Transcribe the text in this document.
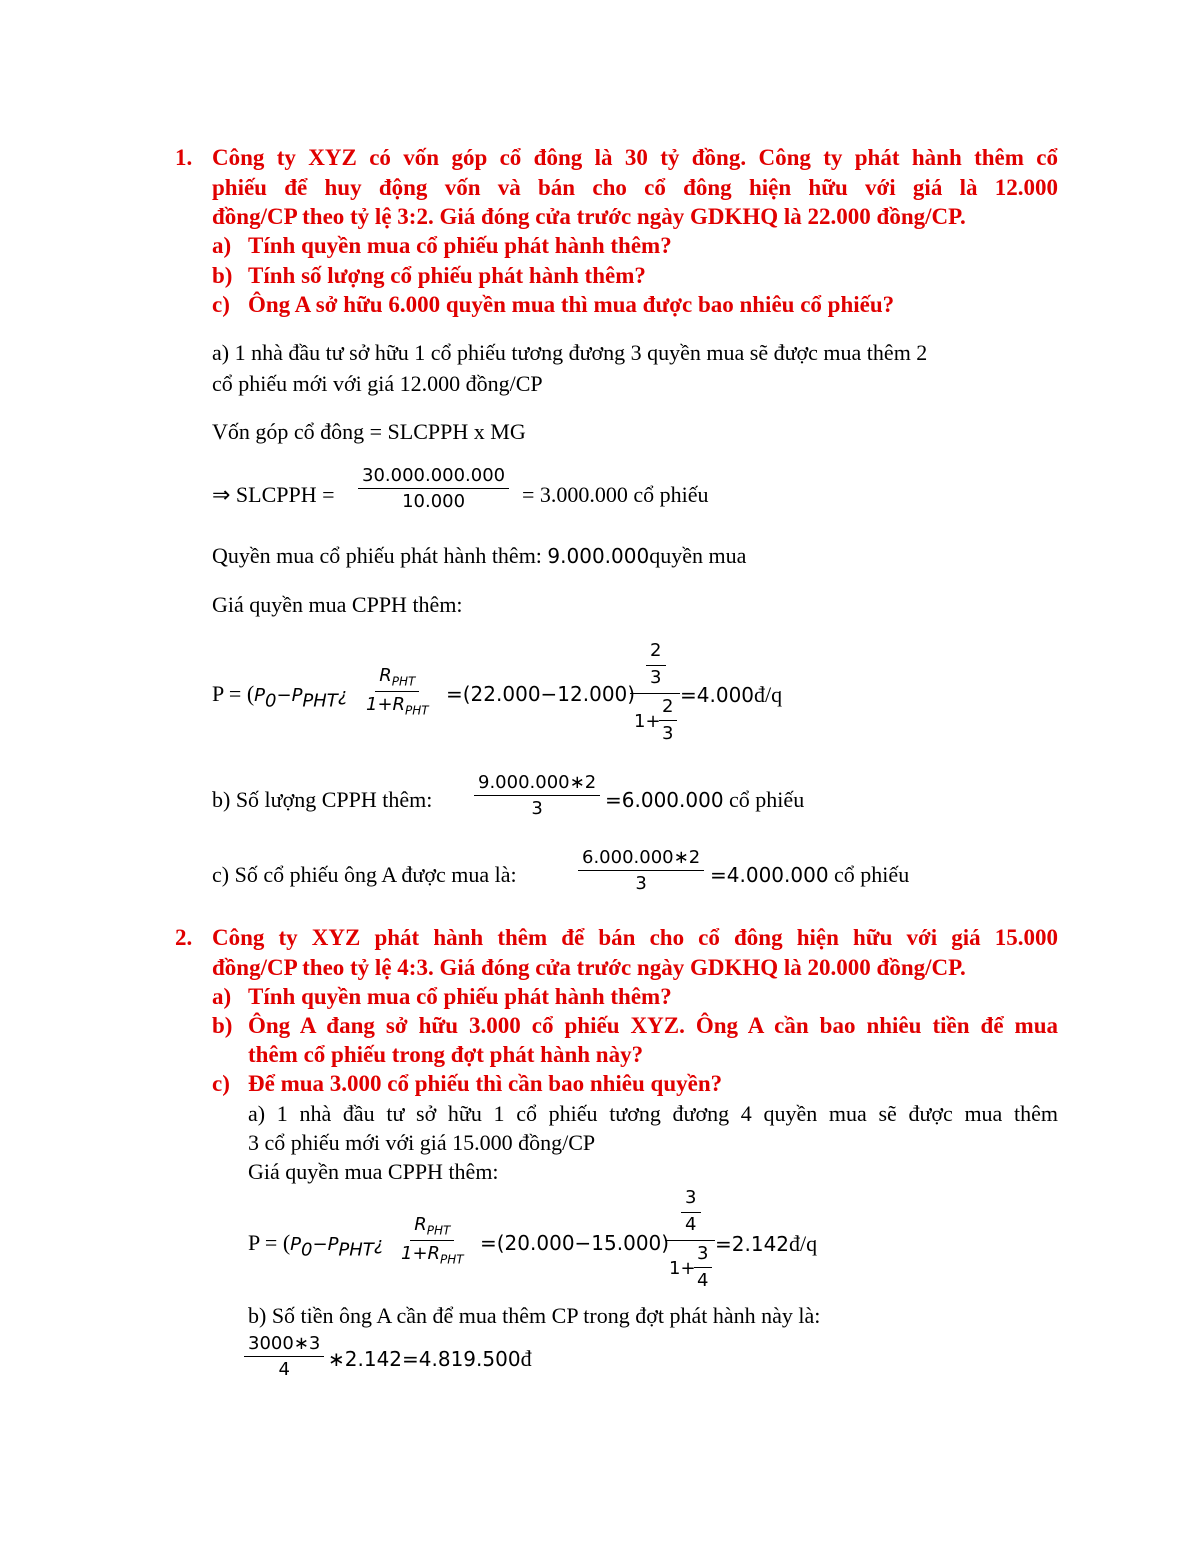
1. Công ty XYZ có vốn góp cổ đông là 30 tỷ đồng. Công ty phát hành thêm cổ
phiếu để huy động vốn và bán cho cổ đông hiện hữu với giá là 12.000
đồng/CP theo tỷ lệ 3:2. Giá đóng cửa trước ngày GDKHQ là 22.000 đồng/CP.
a) Tính quyền mua cổ phiếu phát hành thêm?
b) Tính số lượng cổ phiếu phát hành thêm?
c) Ông A sở hữu 6.000 quyền mua thì mua được bao nhiêu cổ phiếu?
a) 1 nhà đầu tư sở hữu 1 cổ phiếu tương đương 3 quyền mua sẽ được mua thêm 2
cổ phiếu mới với giá 12.000 đồng/CP
Vốn góp cổ đông = SLCPPH x MG
⇒ SLCPPH = $\frac{30.000.000.000}{10.000} = 3.000.000$ cổ phiếu
Quyền mua cổ phiếu phát hành thêm: 9.000.000quyền mua
Giá quyền mua CPPH thêm:
$P = (P_0-P_{PHT}¿$
$R_{PHT}$
$1+R_{PHT}$
=(22.000−12.000)
2
3
1+
2
3
=4.000đ/q
b) Số lượng CPPH thêm: $\frac{9.000.000∗2}{3} =6.000.000$ cổ phiếu
c) Số cổ phiếu ông A được mua là:	$\frac{6.000.000∗2}{3} =4.000.000$ cổ phiếu
2. Công ty XYZ phát hành thêm để bán cho cổ đông hiện hữu với giá 15.000
đồng/CP theo tỷ lệ 4:3. Giá đóng cửa trước ngày GDKHQ là 20.000 đồng/CP.
a) Tính quyền mua cổ phiếu phát hành thêm?
b) Ông A đang sở hữu 3.000 cổ phiếu XYZ. Ông A cần bao nhiêu tiền để mua
thêm cổ phiếu trong đợt phát hành này?
c) Để mua 3.000 cổ phiếu thì cần bao nhiêu quyền?
a) 1 nhà đầu tư sở hữu 1 cổ phiếu tương đương 4 quyền mua sẽ được mua thêm
3 cổ phiếu mới với giá 15.000 đồng/CP
Giá quyền mua CPPH thêm:
$P = (P_0-P_{PHT}¿$
$R_{PHT}$
$1+R_{PHT}$
=(20.000−15.000)
3
4
1+
3
4
=2.142đ/q
b) Số tiền ông A cần để mua thêm CP trong đợt phát hành này là:
$\frac{3000∗3}{4}$ ∗2.142=4.819.500đ
